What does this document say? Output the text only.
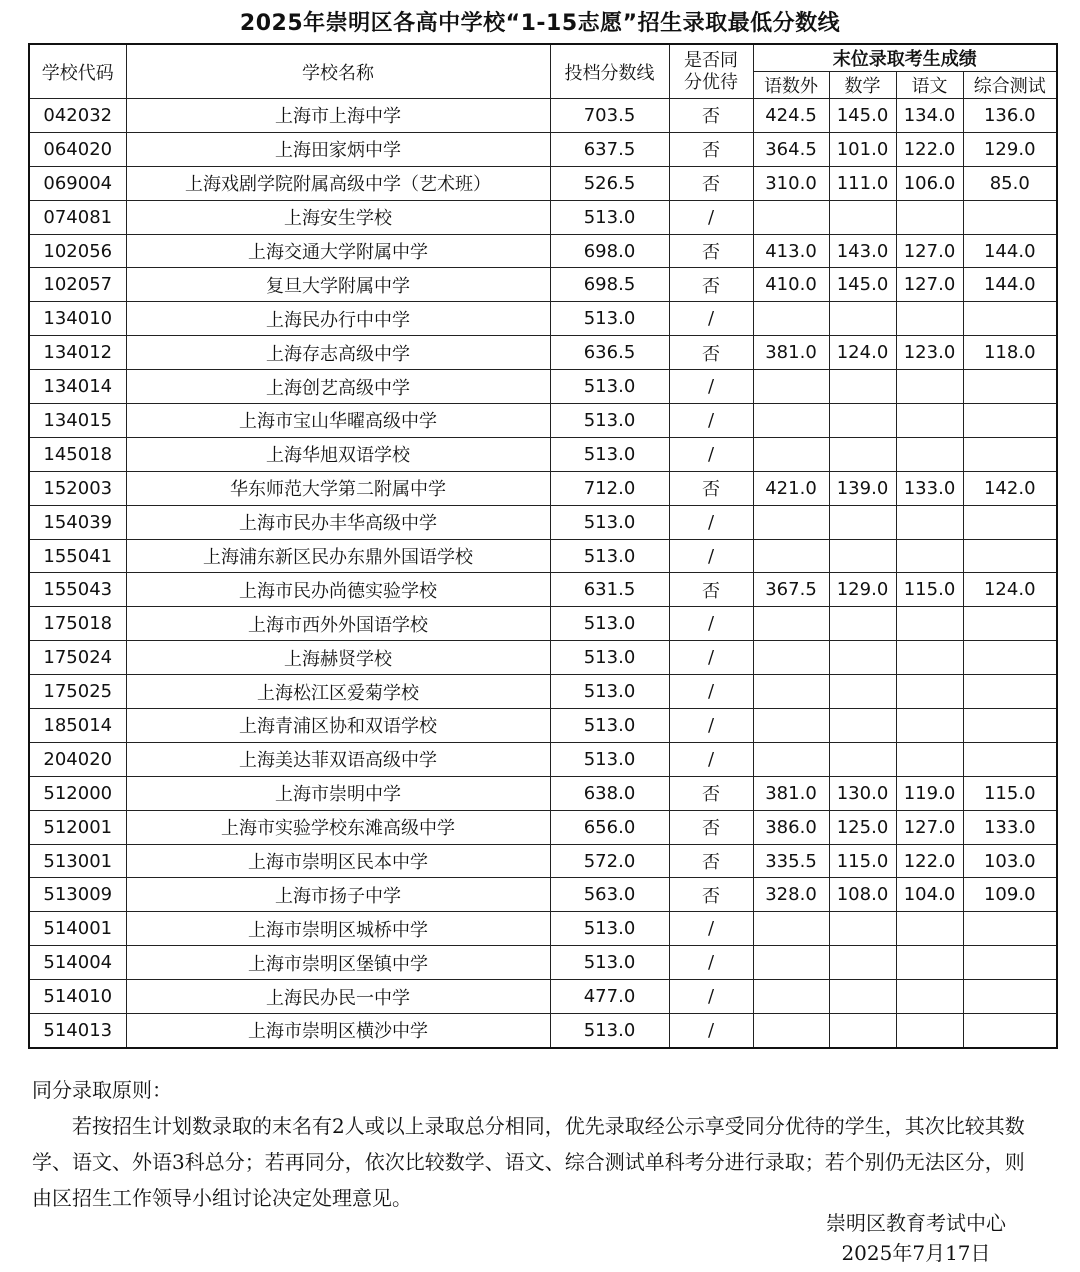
2025年崇明区各高中学校“1-15志愿”招生录取最低分数线
学校代码	学校名称	投档分数线	是否同分优待	末位录取考生成绩			
				语数外	数学	语文	综合测试
042032	上海市上海中学	703.5	否	424.5	145.0	134.0	136.0
064020	上海田家炳中学	637.5	否	364.5	101.0	122.0	129.0
069004	上海戏剧学院附属高级中学（艺术班）	526.5	否	310.0	111.0	106.0	85.0
074081	上海安生学校	513.0	/				
102056	上海交通大学附属中学	698.0	否	413.0	143.0	127.0	144.0
102057	复旦大学附属中学	698.5	否	410.0	145.0	127.0	144.0
134010	上海民办行中中学	513.0	/				
134012	上海存志高级中学	636.5	否	381.0	124.0	123.0	118.0
134014	上海创艺高级中学	513.0	/				
134015	上海市宝山华曜高级中学	513.0	/				
145018	上海华旭双语学校	513.0	/				
152003	华东师范大学第二附属中学	712.0	否	421.0	139.0	133.0	142.0
154039	上海市民办丰华高级中学	513.0	/				
155041	上海浦东新区民办东鼎外国语学校	513.0	/				
155043	上海市民办尚德实验学校	631.5	否	367.5	129.0	115.0	124.0
175018	上海市西外外国语学校	513.0	/				
175024	上海赫贤学校	513.0	/				
175025	上海松江区爱菊学校	513.0	/				
185014	上海青浦区协和双语学校	513.0	/				
204020	上海美达菲双语高级中学	513.0	/				
512000	上海市崇明中学	638.0	否	381.0	130.0	119.0	115.0
512001	上海市实验学校东滩高级中学	656.0	否	386.0	125.0	127.0	133.0
513001	上海市崇明区民本中学	572.0	否	335.5	115.0	122.0	103.0
513009	上海市扬子中学	563.0	否	328.0	108.0	104.0	109.0
514001	上海市崇明区城桥中学	513.0	/				
514004	上海市崇明区堡镇中学	513.0	/				
514010	上海民办民一中学	477.0	/				
514013	上海市崇明区横沙中学	513.0	/				

同分录取原则：

若按招生计划数录取的末名有2人或以上录取总分相同，优先录取经公示享受同分优待的学生，其次比较其数学、语文、外语3科总分；若再同分，依次比较数学、语文、综合测试单科考分进行录取；若个别仍无法区分，则由区招生工作领导小组讨论决定处理意见。

崇明区教育考试中心
2025年7月17日
